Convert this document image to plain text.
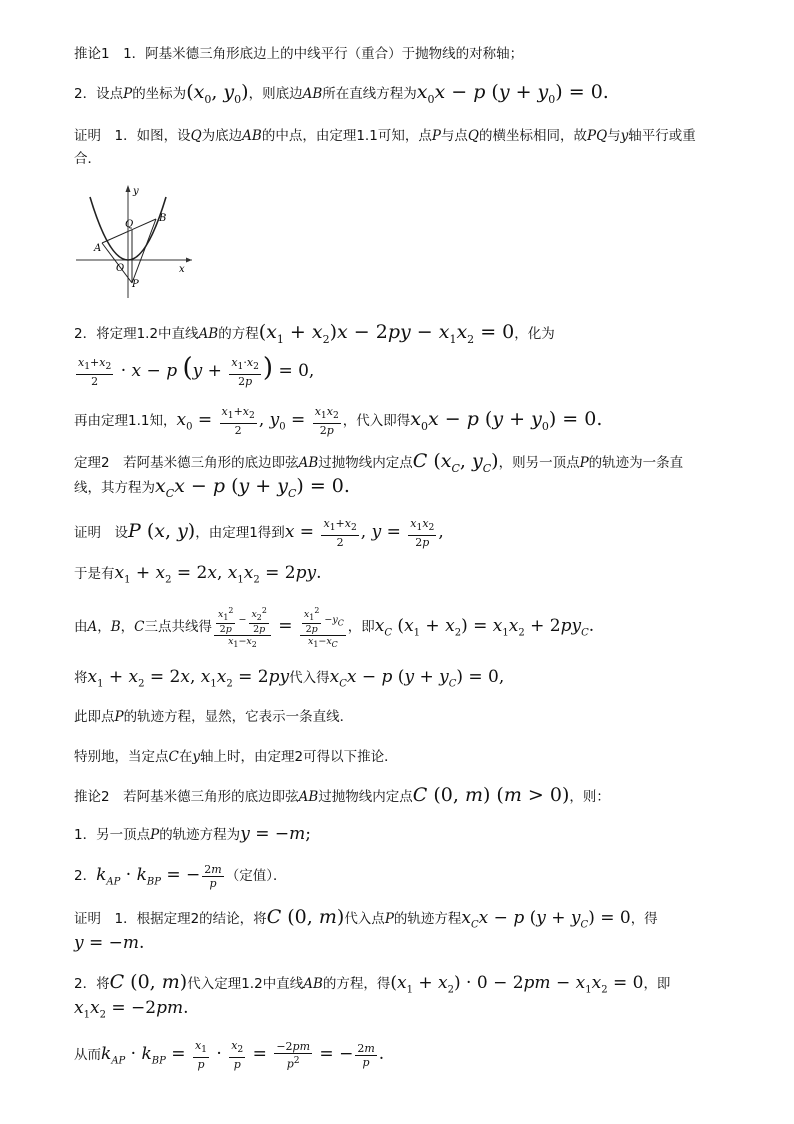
推论1　1．阿基米德三角形底边上的中线平行（重合）于抛物线的对称轴；
2．设点P的坐标为($x_0$, $y_0$)，则底边AB所在直线方程为$x_0x - p$ $(y + y_0) = 0$.
证明　1．如图，设Q为底边AB的中点，由定理1.1可知，点P与点Q的横坐标相同，故PQ与y轴平行或重
合．
y
x
Q
B
A
O
P
2．将定理1.2中直线AB的方程$(x_1 + x_2)x - 2py - x_1x_2 = 0$，化为
$\frac{x_1+x_2}{2} \cdot x - p$ ($y + \frac{x_1\cdot x_2}{2p}$ ) = 0,
再由定理1.1知，$x_0 = \frac{x_1+x_2}{2}$ , $y_0 = \frac{x_1x_2}{2p}$ ，代入即得$x_0x - p$ $(y + y_0) = 0$.
定理2　若阿基米德三角形的底边即弦AB过抛物线内定点C ($x_C$, $y_C$)，则另一顶点P的轨迹为一条直
线，其方程为$x_Cx - p$ $(y + y_C) = 0$.
证明　设P (x, y)，由定理1得到$x = \frac{x_1+x_2}{2}$ , $y = \frac{x_1x_2}{2p}$ ,
于是有$x_1 + x_2 = 2x$, $x_1x_2 = 2py$.
由A，B，C三点共线得 $\frac{\frac{x_1^2}{2p} - \frac{x_2^2}{2p}}{x_1-x_2} = \frac{\frac{x_1^2}{2p} -y_C}{x_1-x_C}$ ，即$x_C$ $(x_1 + x_2) = x_1x_2 + 2py_C$.
将$x_1 + x_2 = 2x$, $x_1x_2 = 2py$代入得$x_Cx - p$ $(y + y_C) = 0$,
此即点P的轨迹方程，显然，它表示一条直线．
特别地，当定点C在y轴上时，由定理2可得以下推论．
推论2　若阿基米德三角形的底边即弦AB过抛物线内定点C (0, m) (m > 0)，则：
1．另一顶点P的轨迹方程为y = −m;
2．$k_{AP} \cdot k_{BP}$ = − $\frac{2m}{p}$ （定值）．
证明　1．根据定理2的结论，将C (0, m)代入点P的轨迹方程$x_Cx - p$ $(y + y_C) = 0$，得
y = −m.
2．将C (0, m)代入定理1.2中直线AB的方程，得$(x_1 + x_2) \cdot 0 - 2pm - x_1x_2 = 0$，即
$x_1x_2 = -2pm$.
从而$k_{AP} \cdot k_{BP} = \frac{x_1}{p} \cdot \frac{x_2}{p} = \frac{-2pm}{p^2}$ = − $\frac{2m}{p}$ .
